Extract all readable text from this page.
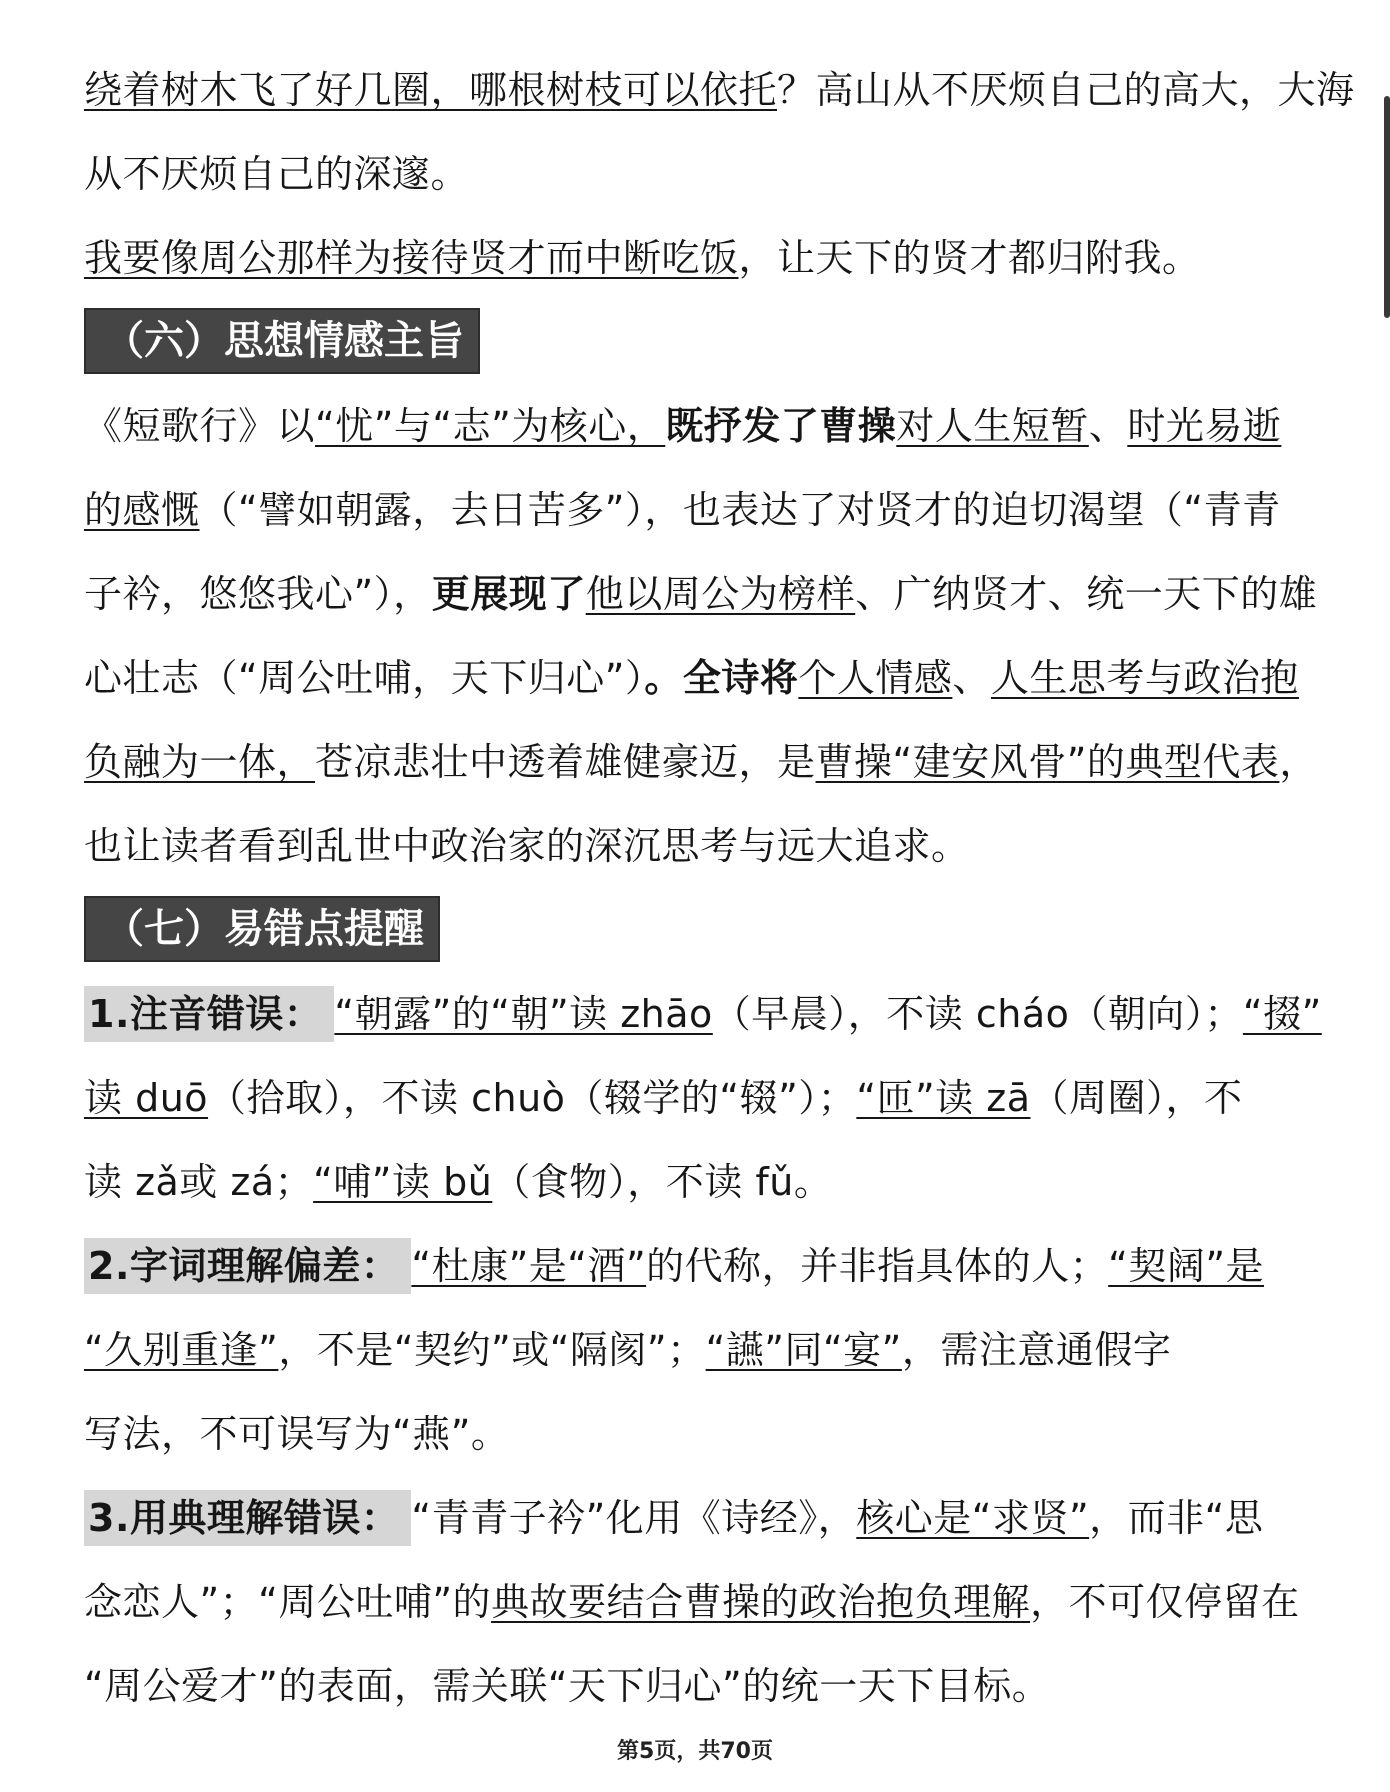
绕着树木飞了好几圈，哪根树枝可以依托？高山从不厌烦自己的高大，大海
从不厌烦自己的深邃。
我要像周公那样为接待贤才而中断吃饭，让天下的贤才都归附我。
（六）思想情感主旨
《短歌行》以“忧”与“志”为核心，既抒发了曹操对人生短暂、时光易逝
的感慨（“譬如朝露，去日苦多”），也表达了对贤才的迫切渴望（“青青
子衿，悠悠我心”），更展现了他以周公为榜样、广纳贤才、统一天下的雄
心壮志（“周公吐哺，天下归心”）。全诗将个人情感、人生思考与政治抱
负融为一体，苍凉悲壮中透着雄健豪迈，是曹操“建安风骨”的典型代表，
也让读者看到乱世中政治家的深沉思考与远大追求。
（七）易错点提醒
1.注音错误： “朝露”的“朝”读 zhāo（早晨），不读 cháo（朝向）；“掇”
读 duō（拾取），不读 chuò（辍学的“辍”）；“匝”读 zā（周圈），不
读 zǎ或 zá；“哺”读 bǔ（食物），不读 fǔ。
2.字词理解偏差： “杜康”是“酒”的代称，并非指具体的人；“契阔”是
“久别重逢”，不是“契约”或“隔阂”；“讌”同“宴”，需注意通假字
写法，不可误写为“燕”。
3.用典理解错误： “青青子衿”化用《诗经》，核心是“求贤”，而非“思
念恋人”；“周公吐哺”的典故要结合曹操的政治抱负理解，不可仅停留在
“周公爱才”的表面，需关联“天下归心”的统一天下目标。
第5页，共70页
